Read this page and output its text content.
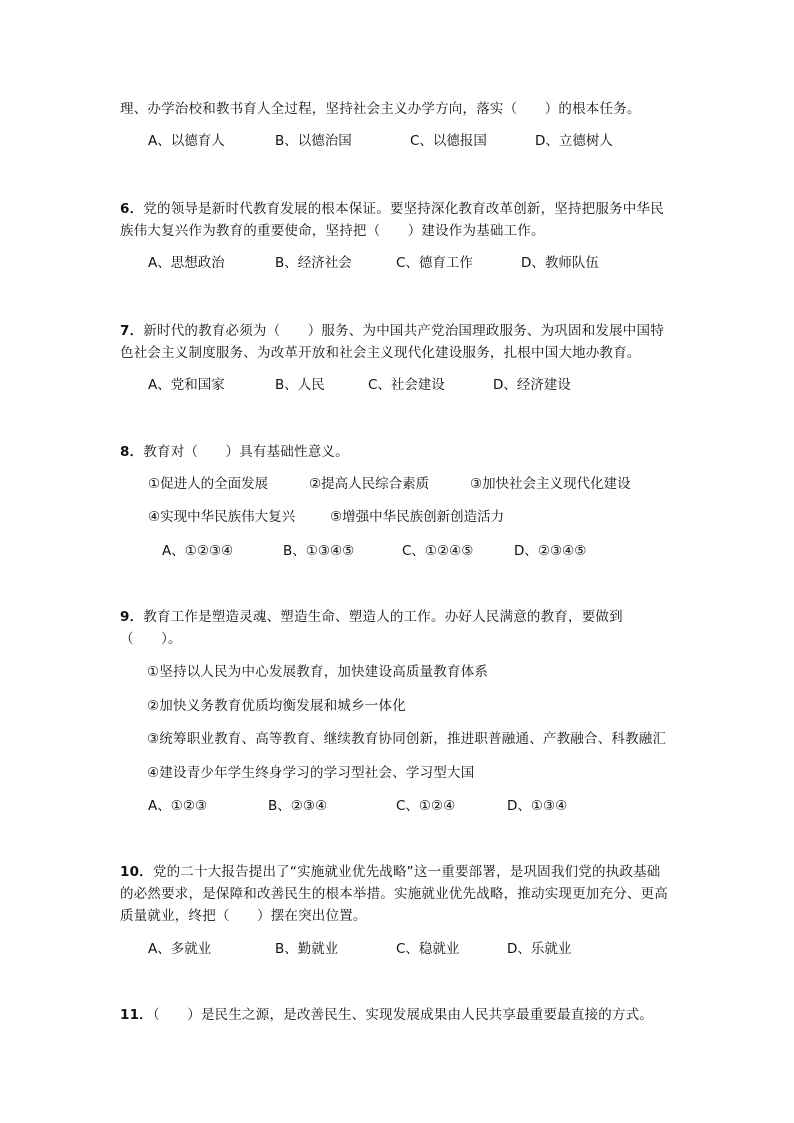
理、办学治校和教书育人全过程，坚持社会主义办学方向，落实（　　）的根本任务。
A、以德育人	B、以德治国	C、以德报国	D、立德树人
6．党的领导是新时代教育发展的根本保证。要坚持深化教育改革创新，坚持把服务中华民
族伟大复兴作为教育的重要使命，坚持把（　　）建设作为基础工作。
A、思想政治	B、经济社会	C、德育工作	D、教师队伍
7．新时代的教育必须为（　　）服务、为中国共产党治国理政服务、为巩固和发展中国特
色社会主义制度服务、为改革开放和社会主义现代化建设服务，扎根中国大地办教育。
A、党和国家	B、人民	C、社会建设	D、经济建设
8．教育对（　　）具有基础性意义。
①促进人的全面发展	②提高人民综合素质	③加快社会主义现代化建设
④实现中华民族伟大复兴	⑤增强中华民族创新创造活力
A、①②③④	B、①③④⑤	C、①②④⑤	D、②③④⑤
9．教育工作是塑造灵魂、塑造生命、塑造人的工作。办好人民满意的教育，要做到
（　　）。
①坚持以人民为中心发展教育，加快建设高质量教育体系
②加快义务教育优质均衡发展和城乡一体化
③统筹职业教育、高等教育、继续教育协同创新，推进职普融通、产教融合、科教融汇
④建设青少年学生终身学习的学习型社会、学习型大国
A、①②③	B、②③④	C、①②④	D、①③④
10．党的二十大报告提出了“实施就业优先战略”这一重要部署，是巩固我们党的执政基础
的必然要求，是保障和改善民生的根本举措。实施就业优先战略，推动实现更加充分、更高
质量就业，终把（　　）摆在突出位置。
A、多就业	B、勤就业	C、稳就业	D、乐就业
11．（　　）是民生之源，是改善民生、实现发展成果由人民共享最重要最直接的方式。
